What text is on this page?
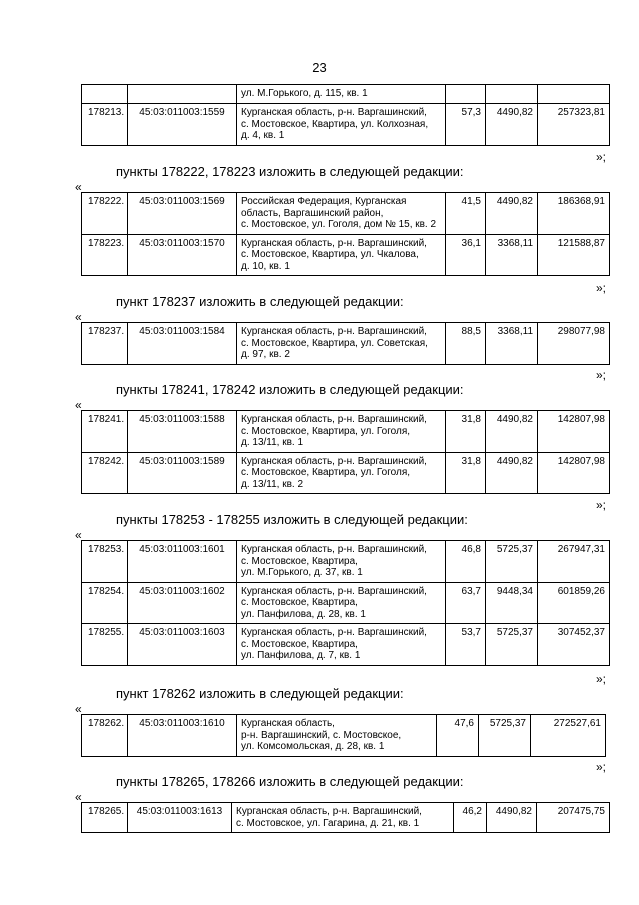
23
		ул. М.Горького, д. 115, кв. 1			
178213.	45:03:011003:1559	Курганская область, р-н. Варгашинский,
с. Мостовское, Квартира, ул. Колхозная,
д. 4, кв. 1	57,3	4490,82	257323,81
»;
пункты 178222, 178223 изложить в следующей редакции:
«
178222.	45:03:011003:1569	Российская Федерация, Курганская
область, Варгашинский район,
с. Мостовское, ул. Гоголя, дом № 15, кв. 2	41,5	4490,82	186368,91
178223.	45:03:011003:1570	Курганская область, р-н. Варгашинский,
с. Мостовское, Квартира, ул. Чкалова,
д. 10, кв. 1	36,1	3368,11	121588,87
»;
пункт 178237 изложить в следующей редакции:
«
178237.	45:03:011003:1584	Курганская область, р-н. Варгашинский,
с. Мостовское, Квартира, ул. Советская,
д. 97, кв. 2	88,5	3368,11	298077,98
»;
пункты 178241, 178242 изложить в следующей редакции:
«
178241.	45:03:011003:1588	Курганская область, р-н. Варгашинский,
с. Мостовское, Квартира, ул. Гоголя,
д. 13/11, кв. 1	31,8	4490,82	142807,98
178242.	45:03:011003:1589	Курганская область, р-н. Варгашинский,
с. Мостовское, Квартира, ул. Гоголя,
д. 13/11, кв. 2	31,8	4490,82	142807,98
»;
пункты 178253 - 178255 изложить в следующей редакции:
«
178253.	45:03:011003:1601	Курганская область, р-н. Варгашинский,
с. Мостовское, Квартира,
ул. М.Горького, д. 37, кв. 1	46,8	5725,37	267947,31
178254.	45:03:011003:1602	Курганская область, р-н. Варгашинский,
с. Мостовское, Квартира,
ул. Панфилова, д. 28, кв. 1	63,7	9448,34	601859,26
178255.	45:03:011003:1603	Курганская область, р-н. Варгашинский,
с. Мостовское, Квартира,
ул. Панфилова, д. 7, кв. 1	53,7	5725,37	307452,37
»;
пункт 178262 изложить в следующей редакции:
«
178262.	45:03:011003:1610	Курганская область,
р-н. Варгашинский, с. Мостовское,
ул. Комсомольская, д. 28, кв. 1	47,6	5725,37	272527,61
»;
пункты 178265, 178266 изложить в следующей редакции:
«
178265.	45:03:011003:1613	Курганская область, р-н. Варгашинский,
с. Мостовское, ул. Гагарина, д. 21, кв. 1	46,2	4490,82	207475,75
